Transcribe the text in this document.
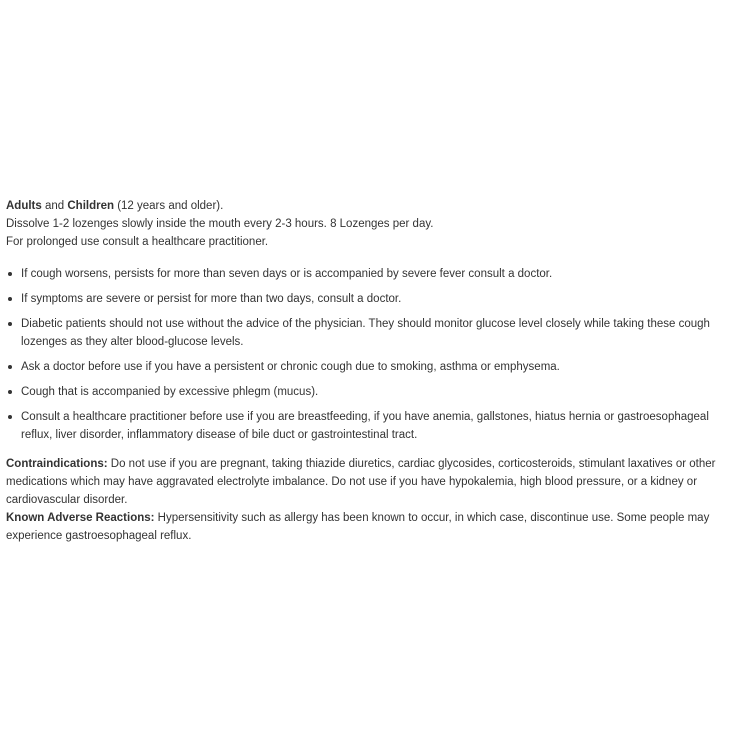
Adults and Children (12 years and older).

Dissolve 1-2 lozenges slowly inside the mouth every 2-3 hours. 8 Lozenges per day.

For prolonged use consult a healthcare practitioner.

If cough worsens, persists for more than seven days or is accompanied by severe fever consult a doctor.
If symptoms are severe or persist for more than two days, consult a doctor.
Diabetic patients should not use without the advice of the physician. They should monitor glucose level closely while taking these cough lozenges as they alter blood-glucose levels.
Ask a doctor before use if you have a persistent or chronic cough due to smoking, asthma or emphysema.
Cough that is accompanied by excessive phlegm (mucus).
Consult a healthcare practitioner before use if you are breastfeeding, if you have anemia, gallstones, hiatus hernia or gastroesophageal reflux, liver disorder, inflammatory disease of bile duct or gastrointestinal tract.

Contraindications: Do not use if you are pregnant, taking thiazide diuretics, cardiac glycosides, corticosteroids, stimulant laxatives or other medications which may have aggravated electrolyte imbalance. Do not use if you have hypokalemia, high blood pressure, or a kidney or cardiovascular disorder.

Known Adverse Reactions: Hypersensitivity such as allergy has been known to occur, in which case, discontinue use. Some people may experience gastroesophageal reflux.
